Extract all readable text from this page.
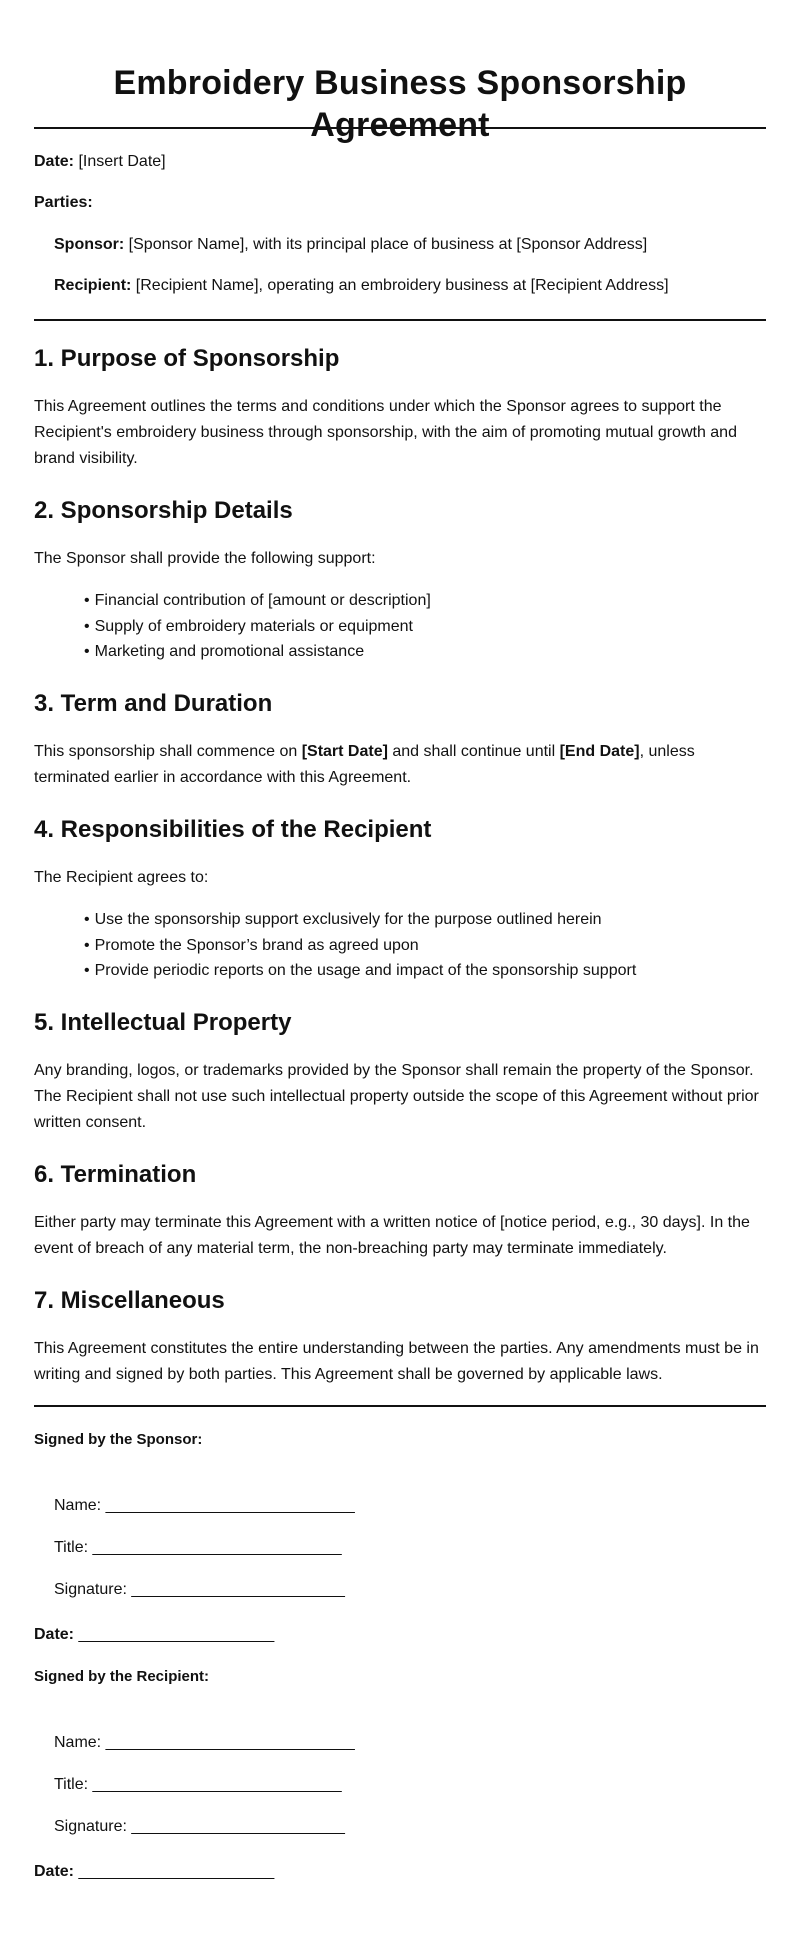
Embroidery Business Sponsorship Agreement
Date: [Insert Date]
Parties:
Sponsor: [Sponsor Name], with its principal place of business at [Sponsor Address]
Recipient: [Recipient Name], operating an embroidery business at [Recipient Address]
1. Purpose of Sponsorship

This Agreement outlines the terms and conditions under which the Sponsor agrees to support the Recipient's embroidery business through sponsorship, with the aim of promoting mutual growth and brand visibility.

2. Sponsorship Details

The Sponsor shall provide the following support:

• Financial contribution of [amount or description]
• Supply of embroidery materials or equipment
• Marketing and promotional assistance
3. Term and Duration

This sponsorship shall commence on [Start Date] and shall continue until [End Date], unless terminated earlier in accordance with this Agreement.

4. Responsibilities of the Recipient

The Recipient agrees to:

• Use the sponsorship support exclusively for the purpose outlined herein
• Promote the Sponsor’s brand as agreed upon
• Provide periodic reports on the usage and impact of the sponsorship support
5. Intellectual Property

Any branding, logos, or trademarks provided by the Sponsor shall remain the property of the Sponsor. The Recipient shall not use such intellectual property outside the scope of this Agreement without prior written consent.

6. Termination

Either party may terminate this Agreement with a written notice of [notice period, e.g., 30 days]. In the event of breach of any material term, the non-breaching party may terminate immediately.

7. Miscellaneous

This Agreement constitutes the entire understanding between the parties. Any amendments must be in writing and signed by both parties. This Agreement shall be governed by applicable laws.

Signed by the Sponsor:
Name: ____________________________
Title: ____________________________
Signature: ________________________
Date: ______________________
Signed by the Recipient:
Name: ____________________________
Title: ____________________________
Signature: ________________________
Date: ______________________
